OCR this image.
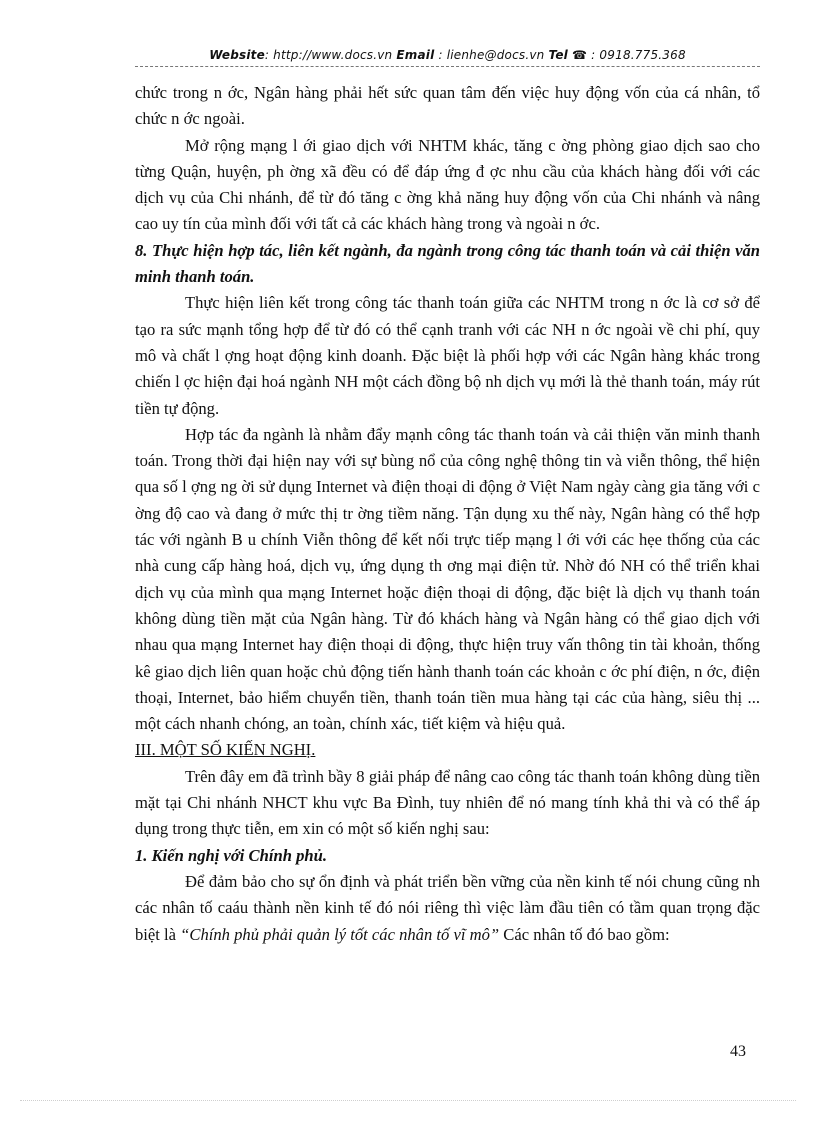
Website: http://www.docs.vn Email : lienhe@docs.vn Tel ☎ : 0918.775.368

chức trong n ớc, Ngân hàng phải hết sức quan tâm đến việc huy động vốn của cá nhân, tổ chức n ớc ngoài.

Mở rộng mạng l ới giao dịch với NHTM khác, tăng c ờng phòng giao dịch sao cho từng Quận, huyện, ph ờng xã đều có để đáp ứng đ ợc nhu cầu của khách hàng đối với các dịch vụ của Chi nhánh, để từ đó tăng c ờng khả năng huy động vốn của Chi nhánh và nâng cao uy tín của mình đối với tất cả các khách hàng trong và ngoài n ớc.

8. Thực hiện hợp tác, liên kết ngành, đa ngành trong công tác thanh toán và cải thiện văn minh thanh toán.

Thực hiện liên kết trong công tác thanh toán giữa các NHTM trong n ớc là cơ sở để tạo ra sức mạnh tổng hợp để từ đó có thể cạnh tranh với các NH n ớc ngoài về chi phí, quy mô và chất l ợng hoạt động kinh doanh. Đặc biệt là phối hợp với các Ngân hàng khác trong chiến l ợc hiện đại hoá ngành NH một cách đồng bộ nh dịch vụ mới là thẻ thanh toán, máy rút tiền tự động.

Hợp tác đa ngành là nhằm đẩy mạnh công tác thanh toán và cải thiện văn minh thanh toán. Trong thời đại hiện nay với sự bùng nổ của công nghệ thông tin và viễn thông, thể hiện qua số l ợng ng ời sử dụng Internet và điện thoại di động ở Việt Nam ngày càng gia tăng với c ờng độ cao và đang ở mức thị tr ờng tiềm năng. Tận dụng xu thế này, Ngân hàng có thể hợp tác với ngành B u chính Viễn thông để kết nối trực tiếp mạng l ới với các hẹe thống của các nhà cung cấp hàng hoá, dịch vụ, ứng dụng th ơng mại điện tử. Nhờ đó NH có thể triển khai dịch vụ của mình qua mạng Internet hoặc điện thoại di động, đặc biệt là dịch vụ thanh toán không dùng tiền mặt của Ngân hàng. Từ đó khách hàng và Ngân hàng có thể giao dịch với nhau qua mạng Internet hay điện thoại di động, thực hiện truy vấn thông tin tài khoản, thống kê giao dịch liên quan hoặc chủ động tiến hành thanh toán các khoản c ớc phí điện, n ớc, điện thoại, Internet, bảo hiểm chuyển tiền, thanh toán tiền mua hàng tại các của hàng, siêu thị ... một cách nhanh chóng, an toàn, chính xác, tiết kiệm và hiệu quả.

III. MỘT SỐ KIẾN NGHỊ.

Trên đây em đã trình bầy 8 giải pháp để nâng cao công tác thanh toán không dùng tiền mặt tại Chi nhánh NHCT khu vực Ba Đình, tuy nhiên để nó mang tính khả thi và có thể áp dụng trong thực tiễn, em xin có một số kiến nghị sau:

1. Kiến nghị với Chính phủ.

Để đảm bảo cho sự ổn định và phát triển bền vững của nền kinh tế nói chung cũng nh các nhân tố caáu thành nền kinh tế đó nói riêng thì việc làm đầu tiên có tầm quan trọng đặc biệt là “Chính phủ phải quản lý tốt các nhân tố vĩ mô” Các nhân tố đó bao gồm:

43
